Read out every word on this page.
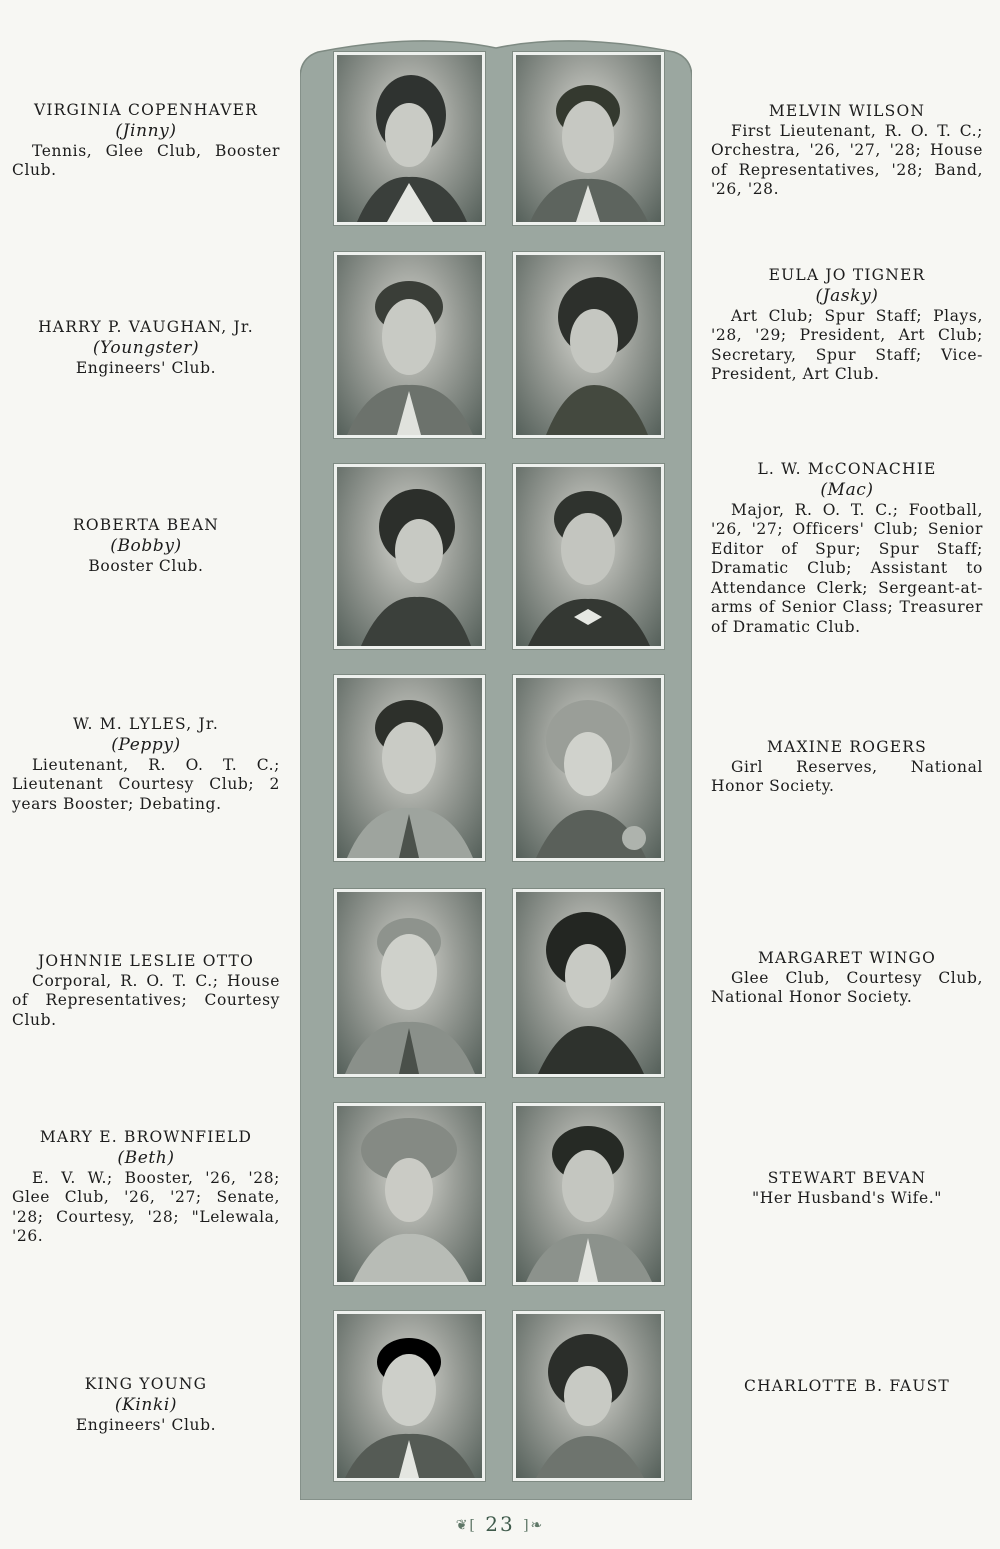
VIRGINIA COPENHAVER
(Jinny)
Tennis, Glee Club, Booster Club.
HARRY P. VAUGHAN, Jr.
(Youngster)
Engineers' Club.
ROBERTA BEAN
(Bobby)
Booster Club.
W. M. LYLES, Jr.
(Peppy)
Lieutenant, R. O. T. C.; Lieutenant Courtesy Club; 2 years Booster; Debating.
JOHNNIE LESLIE OTTO
Corporal, R. O. T. C.; House of Representatives; Courtesy Club.
MARY E. BROWNFIELD
(Beth)
E. V. W.; Booster, '26, '28; Glee Club, '26, '27; Senate, '28; Courtesy, '28; "Lelewala, '26.
KING YOUNG
(Kinki)
Engineers' Club.
MELVIN WILSON
First Lieutenant, R. O. T. C.; Orchestra, '26, '27, '28; House of Representatives, '28; Band, '26, '28.
EULA JO TIGNER
(Jasky)
Art Club; Spur Staff; Plays, '28, '29; President, Art Club; Secretary, Spur Staff; Vice-President, Art Club.
L. W. McCONACHIE
(Mac)
Major, R. O. T. C.; Football, '26, '27; Officers' Club; Senior Editor of Spur; Spur Staff; Dramatic Club; Assistant to Attendance Clerk; Sergeant-at-arms of Senior Class; Treasurer of Dramatic Club.
MAXINE ROGERS
Girl Reserves, National Honor Society.
MARGARET WINGO
Glee Club, Courtesy Club, National Honor Society.
STEWART BEVAN
"Her Husband's Wife."
CHARLOTTE B. FAUST
❦[ 23 ]❧
